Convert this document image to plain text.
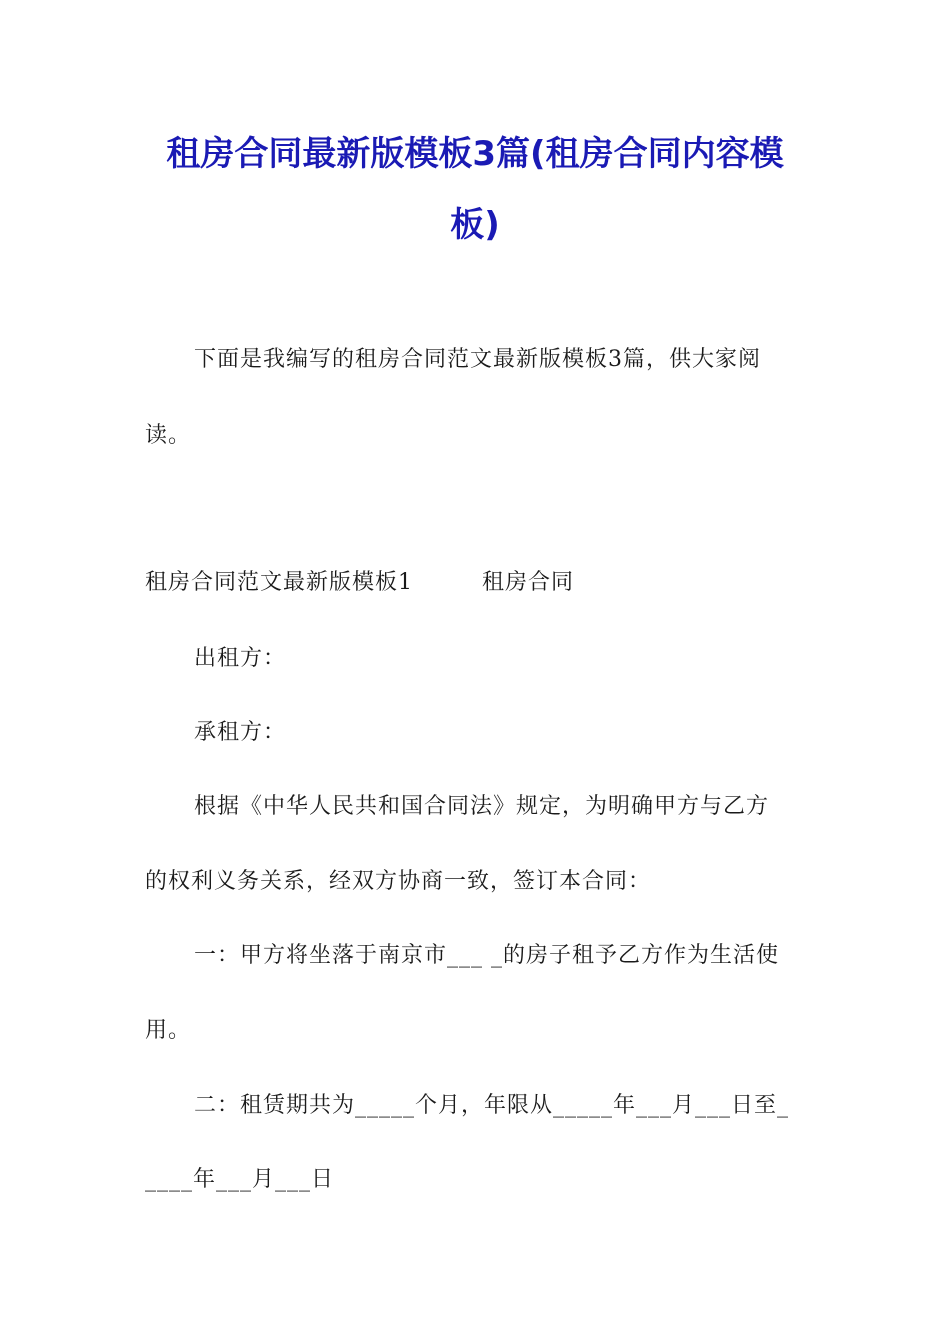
租房合同最新版模板3篇(租房合同内容模
板)
下面是我编写的租房合同范文最新版模板3篇，供大家阅
读。
租房合同范文最新版模板1　　　租房合同
出租方：
承租方：
根据《中华人民共和国合同法》规定，为明确甲方与乙方
的权利义务关系，经双方协商一致，签订本合同：
一：甲方将坐落于南京市___ _的房子租予乙方作为生活使
用。
二：租赁期共为_____个月，年限从_____年___月___日至_
____年___月___日
